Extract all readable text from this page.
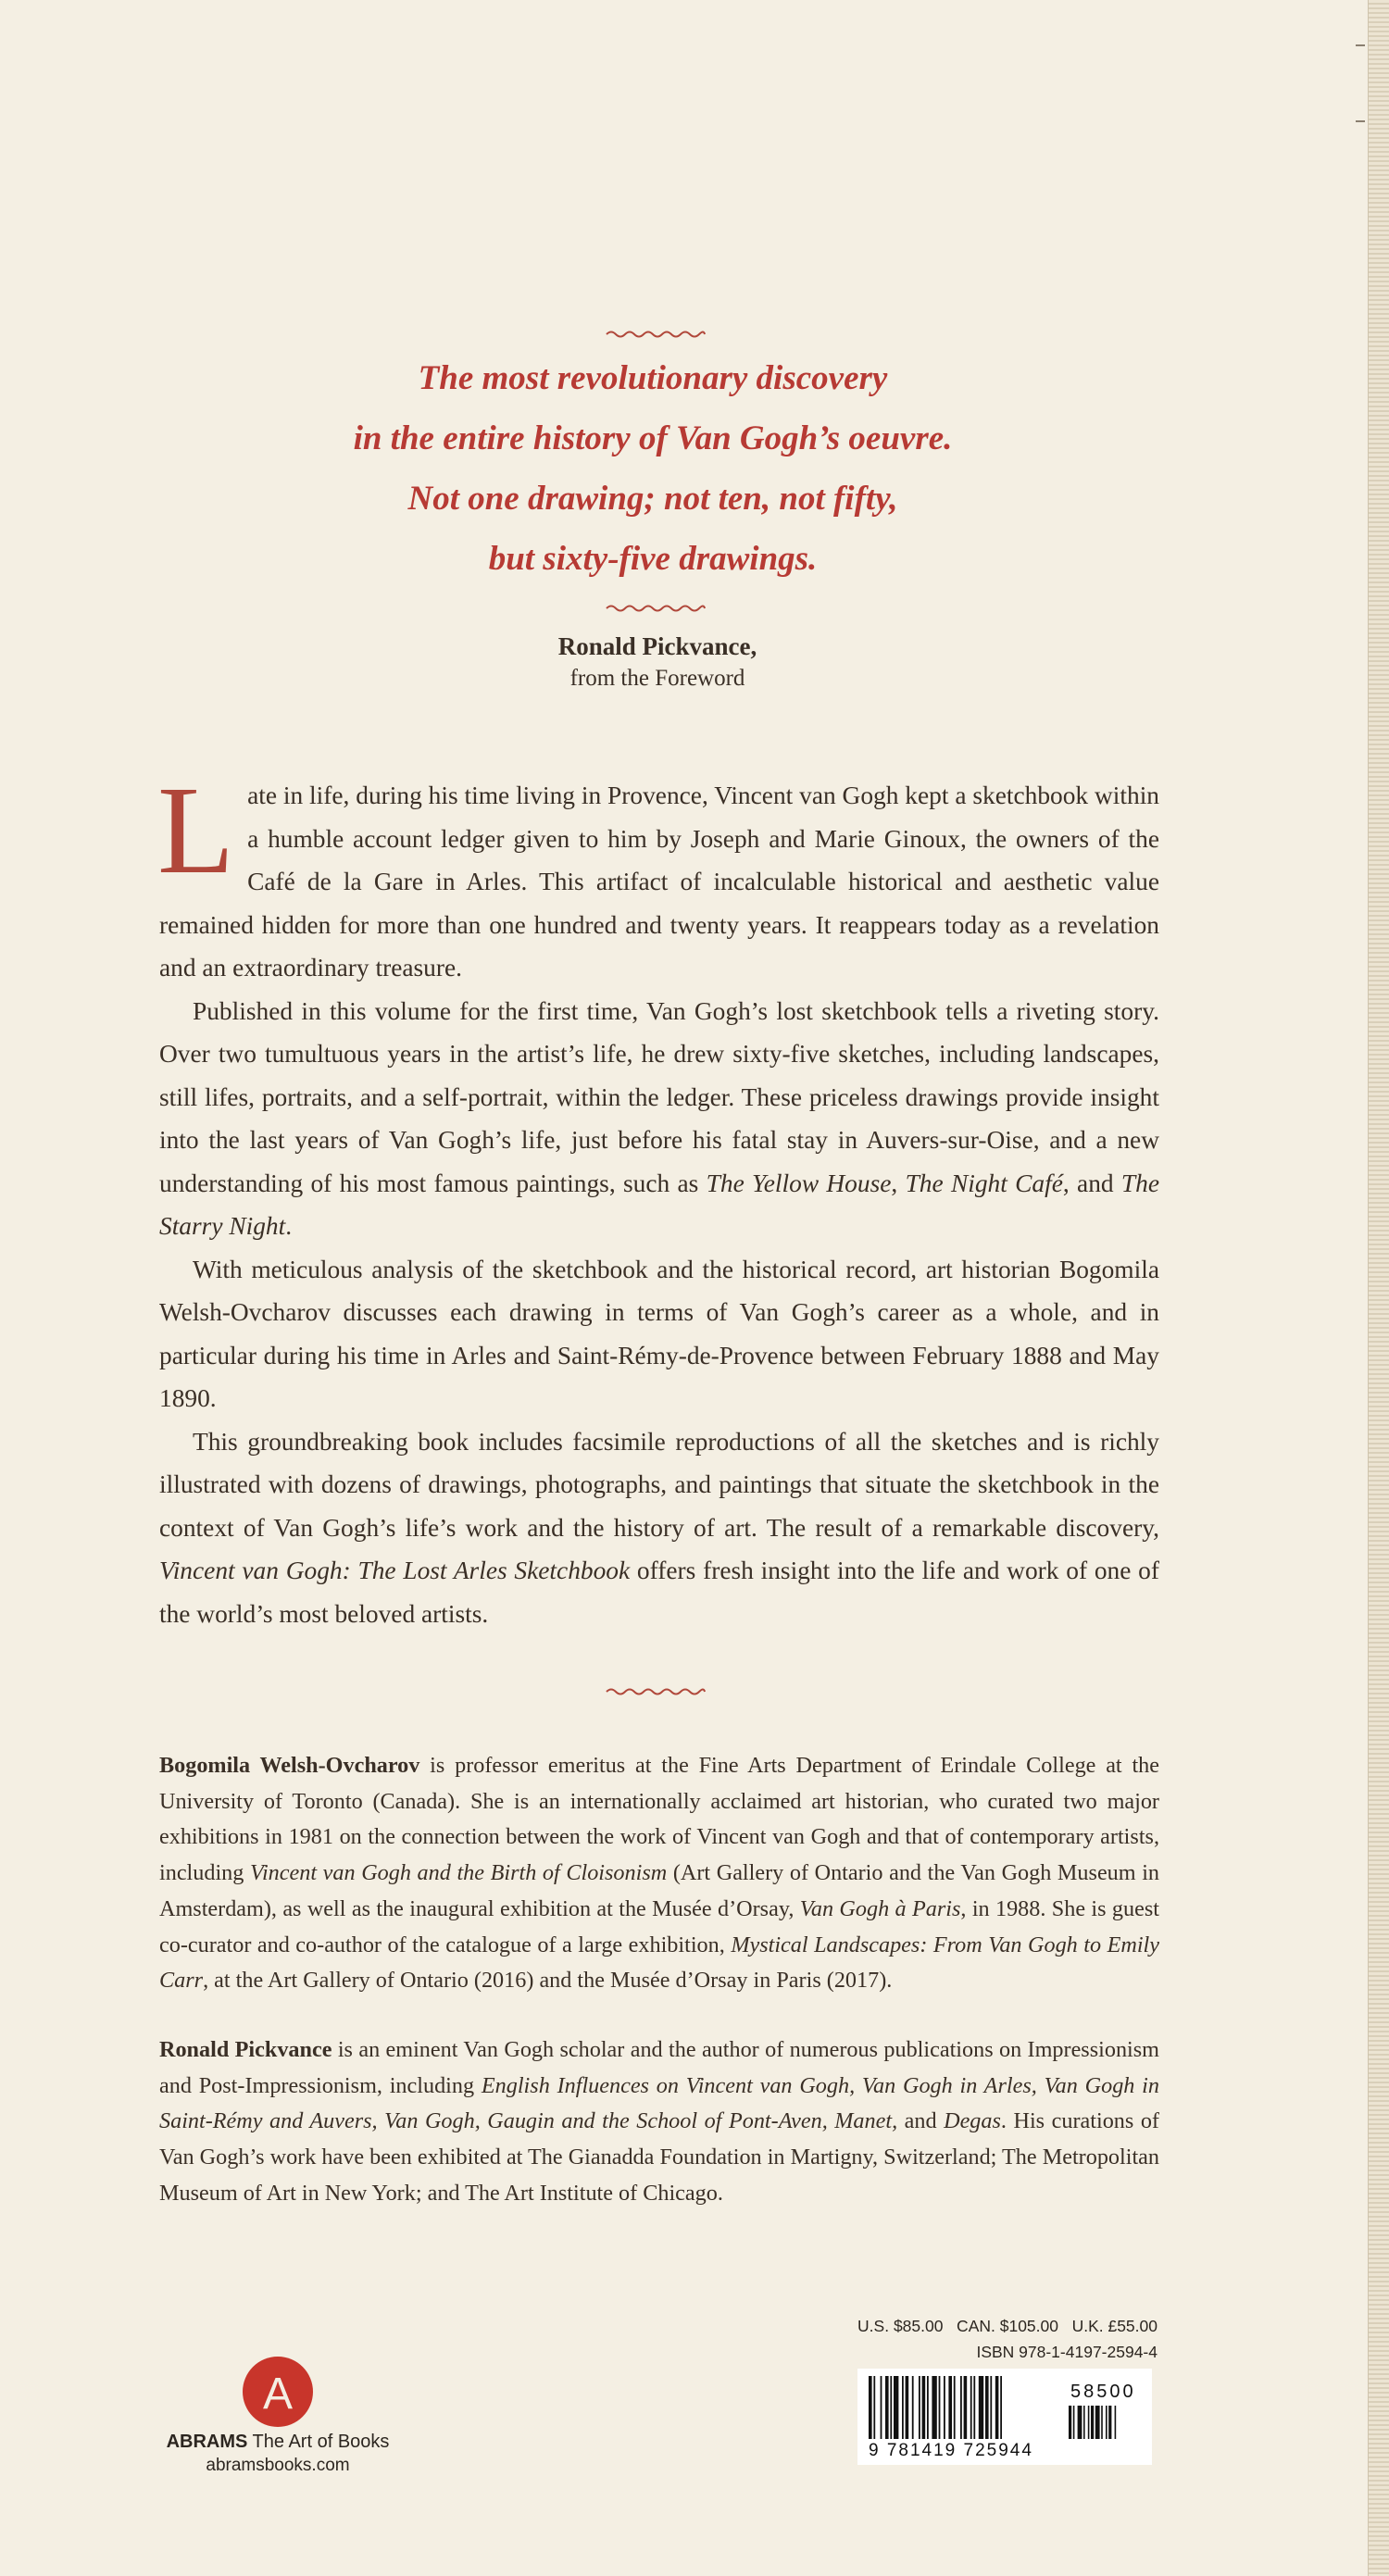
The most revolutionary discovery
in the entire history of Van Gogh’s oeuvre.
Not one drawing; not ten, not fifty,
but sixty-five drawings.
Ronald Pickvance,
from the Foreword

Late in life, during his time living in Provence, Vincent van Gogh kept a sketchbook within a humble account ledger given to him by Joseph and Marie Ginoux, the owners of the Café de la Gare in Arles. This artifact of incalculable historical and aesthetic value remained hidden for more than one hundred and twenty years. It reappears today as a revelation and an extraordinary treasure.

Published in this volume for the first time, Van Gogh’s lost sketchbook tells a riveting story. Over two tumultuous years in the artist’s life, he drew sixty-five sketches, including landscapes, still lifes, portraits, and a self-portrait, within the ledger. These priceless drawings provide insight into the last years of Van Gogh’s life, just before his fatal stay in Auvers-sur-Oise, and a new understanding of his most famous paintings, such as The Yellow House, The Night Café, and The Starry Night.

With meticulous analysis of the sketchbook and the historical record, art historian Bogomila Welsh-Ovcharov discusses each drawing in terms of Van Gogh’s career as a whole, and in particular during his time in Arles and Saint-Rémy-de-Provence between February 1888 and May 1890.

This groundbreaking book includes facsimile reproductions of all the sketches and is richly illustrated with dozens of drawings, photographs, and paintings that situate the sketchbook in the context of Van Gogh’s life’s work and the history of art. The result of a remarkable discovery, Vincent van Gogh: The Lost Arles Sketchbook offers fresh insight into the life and work of one of the world’s most beloved artists.

Bogomila Welsh-Ovcharov is professor emeritus at the Fine Arts Department of Erindale College at the University of Toronto (Canada). She is an internationally acclaimed art historian, who curated two major exhibitions in 1981 on the connection between the work of Vincent van Gogh and that of contemporary artists, including Vincent van Gogh and the Birth of Cloisonism (Art Gallery of Ontario and the Van Gogh Museum in Amsterdam), as well as the inaugural exhibition at the Musée d’Orsay, Van Gogh à Paris, in 1988. She is guest co-curator and co-author of the catalogue of a large exhibition, Mystical Landscapes: From Van Gogh to Emily Carr, at the Art Gallery of Ontario (2016) and the Musée d’Orsay in Paris (2017).

Ronald Pickvance is an eminent Van Gogh scholar and the author of numerous publications on Impressionism and Post-Impressionism, including English Influences on Vincent van Gogh, Van Gogh in Arles, Van Gogh in Saint-Rémy and Auvers, Van Gogh, Gaugin and the School of Pont-Aven, Manet, and Degas. His curations of Van Gogh’s work have been exhibited at The Gianadda Foundation in Martigny, Switzerland; The Metropolitan Museum of Art in New York; and The Art Institute of Chicago.

U.S. $85.00   CAN. $105.00   U.K. £55.00
ISBN 978-1-4197-2594-4
58500
9 781419 725944
A
ABRAMS The Art of Books
abramsbooks.com
